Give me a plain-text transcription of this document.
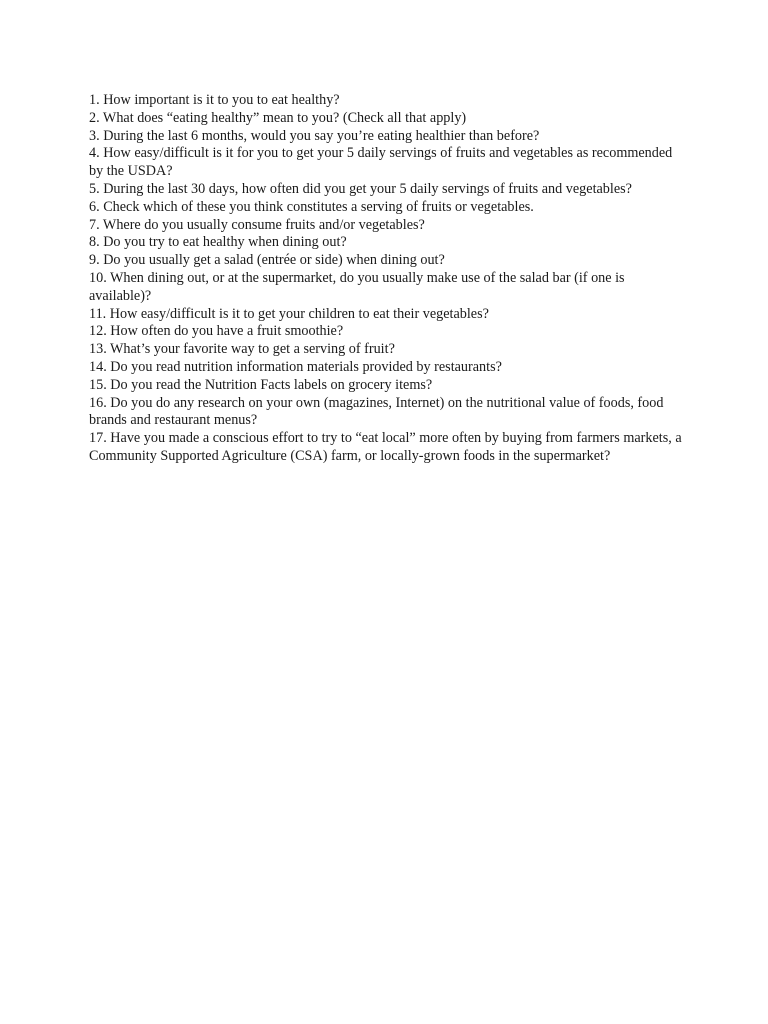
1. How important is it to you to eat healthy?
2. What does “eating healthy” mean to you? (Check all that apply)
3. During the last 6 months, would you say you’re eating healthier than before?
4. How easy/difficult is it for you to get your 5 daily servings of fruits and vegetables as recommended by the USDA?
5. During the last 30 days, how often did you get your 5 daily servings of fruits and vegetables?
6. Check which of these you think constitutes a serving of fruits or vegetables.
7. Where do you usually consume fruits and/or vegetables?
8. Do you try to eat healthy when dining out?
9. Do you usually get a salad (entrée or side) when dining out?
10. When dining out, or at the supermarket, do you usually make use of the salad bar (if one is available)?
11. How easy/difficult is it to get your children to eat their vegetables?
12. How often do you have a fruit smoothie?
13. What’s your favorite way to get a serving of fruit?
14. Do you read nutrition information materials provided by restaurants?
15. Do you read the Nutrition Facts labels on grocery items?
16. Do you do any research on your own (magazines, Internet) on the nutritional value of foods, food brands and restaurant menus?
17. Have you made a conscious effort to try to “eat local” more often by buying from farmers markets, a Community Supported Agriculture (CSA) farm, or locally-grown foods in the supermarket?
